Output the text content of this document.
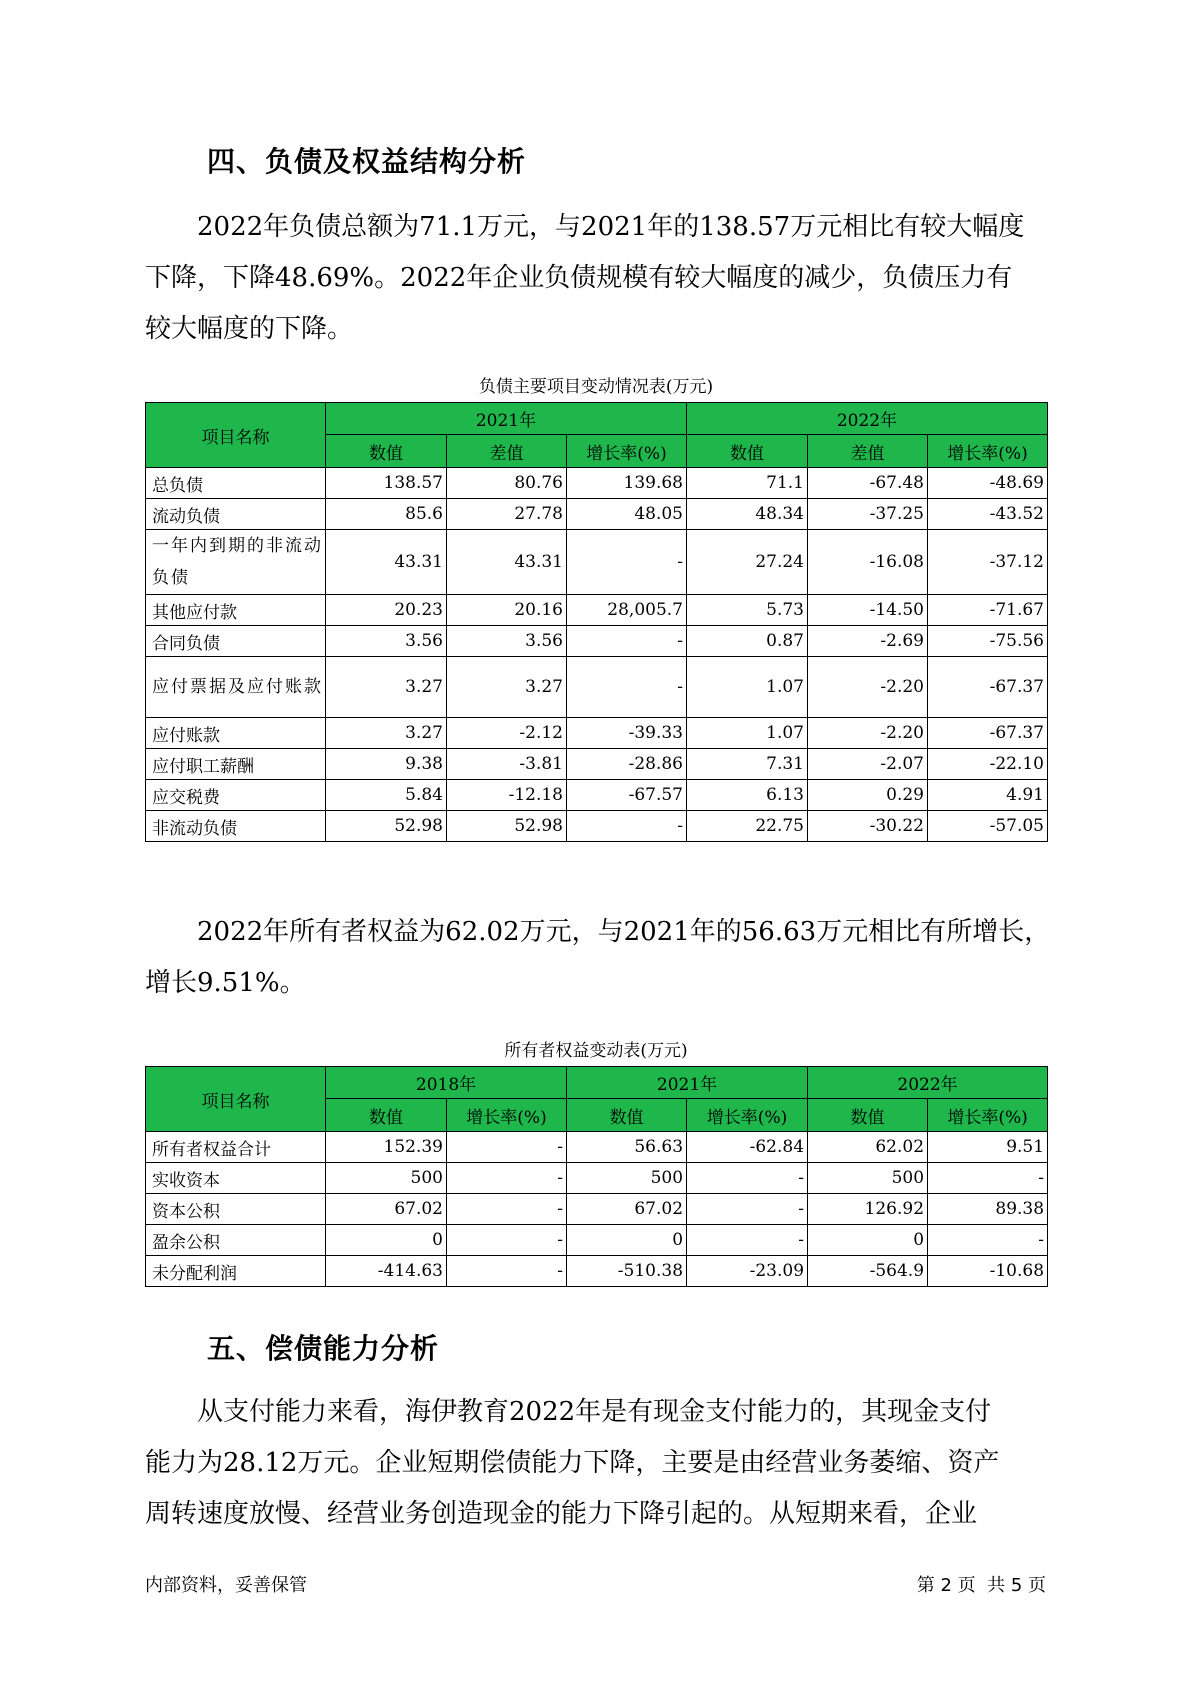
四、负债及权益结构分析
2022年负债总额为71.1万元，与2021年的138.57万元相比有较大幅度
下降，下降48.69%。2022年企业负债规模有较大幅度的减少，负债压力有
较大幅度的下降。
负债主要项目变动情况表(万元)
项目名称	2021年			2022年		
	数值	差值	增长率(%)	数值	差值	增长率(%)
总负债	138.57	80.76	139.68	71.1	-67.48	-48.69
流动负债	85.6	27.78	48.05	48.34	-37.25	-43.52
一年内到期的非流动负债	43.31	43.31	-	27.24	-16.08	-37.12
其他应付款	20.23	20.16	28,005.7	5.73	-14.50	-71.67
合同负债	3.56	3.56	-	0.87	-2.69	-75.56
应付票据及应付账款	3.27	3.27	-	1.07	-2.20	-67.37
应付账款	3.27	-2.12	-39.33	1.07	-2.20	-67.37
应付职工薪酬	9.38	-3.81	-28.86	7.31	-2.07	-22.10
应交税费	5.84	-12.18	-67.57	6.13	0.29	4.91
非流动负债	52.98	52.98	-	22.75	-30.22	-57.05
2022年所有者权益为62.02万元，与2021年的56.63万元相比有所增长，
增长9.51%。
所有者权益变动表(万元)
项目名称	2018年		2021年		2022年	
	数值	增长率(%)	数值	增长率(%)	数值	增长率(%)
所有者权益合计	152.39	-	56.63	-62.84	62.02	9.51
实收资本	500	-	500	-	500	-
资本公积	67.02	-	67.02	-	126.92	89.38
盈余公积	0	-	0	-	0	-
未分配利润	-414.63	-	-510.38	-23.09	-564.9	-10.68
五、偿债能力分析
从支付能力来看，海伊教育2022年是有现金支付能力的，其现金支付
能力为28.12万元。企业短期偿债能力下降，主要是由经营业务萎缩、资产
周转速度放慢、经营业务创造现金的能力下降引起的。从短期来看，企业
内部资料，妥善保管	第 2 页  共 5 页
